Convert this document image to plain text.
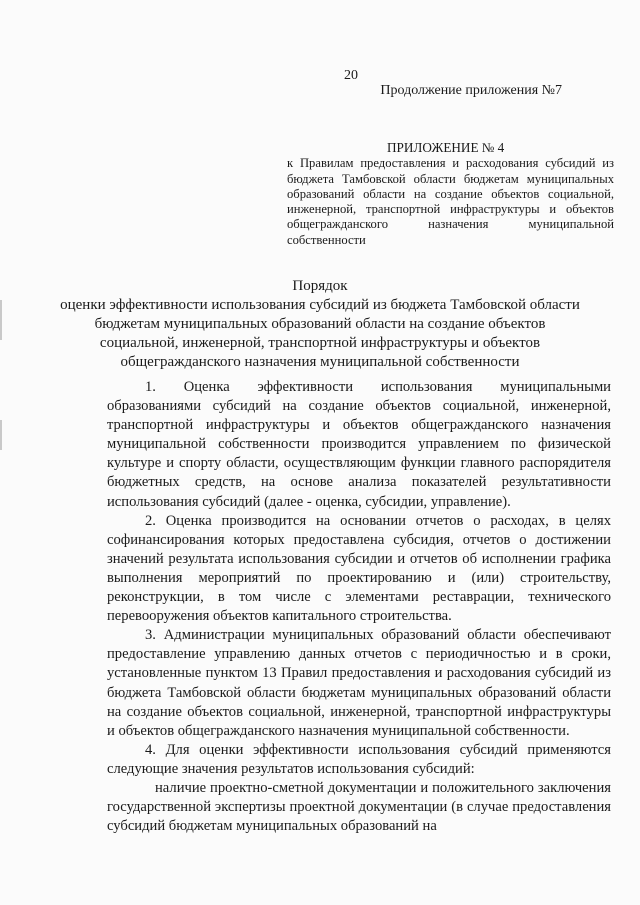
20
Продолжение приложения №7
ПРИЛОЖЕНИЕ № 4
к Правилам предоставления и расходования субсидий из бюджета Тамбовской области бюджетам муниципальных образований области на создание объектов социальной, инженерной, транспортной инфраструктуры и объектов общегражданского назначения муниципальной собственности
Порядок
оценки эффективности использования субсидий из бюджета Тамбовской области бюджетам муниципальных образований области на создание объектов социальной, инженерной, транспортной инфраструктуры и объектов общегражданского назначения муниципальной собственности

1. Оценка эффективности использования муниципальными образованиями субсидий на создание объектов социальной, инженерной, транспортной инфраструктуры и объектов общегражданского назначения муниципальной собственности производится управлением по физической культуре и спорту области, осуществляющим функции главного распорядителя бюджетных средств, на основе анализа показателей результативности использования субсидий (далее - оценка, субсидии, управление).

2. Оценка производится на основании отчетов о расходах, в целях софинансирования которых предоставлена субсидия, отчетов о достижении значений результата использования субсидии и отчетов об исполнении графика выполнения мероприятий по проектированию и (или) строительству, реконструкции, в том числе с элементами реставрации, технического перевооружения объектов капитального строительства.

3. Администрации муниципальных образований области обеспечивают предоставление управлению данных отчетов с периодичностью и в сроки, установленные пунктом 13 Правил предоставления и расходования субсидий из бюджета Тамбовской области бюджетам муниципальных образований области на создание объектов социальной, инженерной, транспортной инфраструктуры и объектов общегражданского назначения муниципальной собственности.

4. Для оценки эффективности использования субсидий применяются следующие значения результатов использования субсидий:

наличие проектно-сметной документации и положительного заключения государственной экспертизы проектной документации (в случае предоставления субсидий бюджетам муниципальных образований на
